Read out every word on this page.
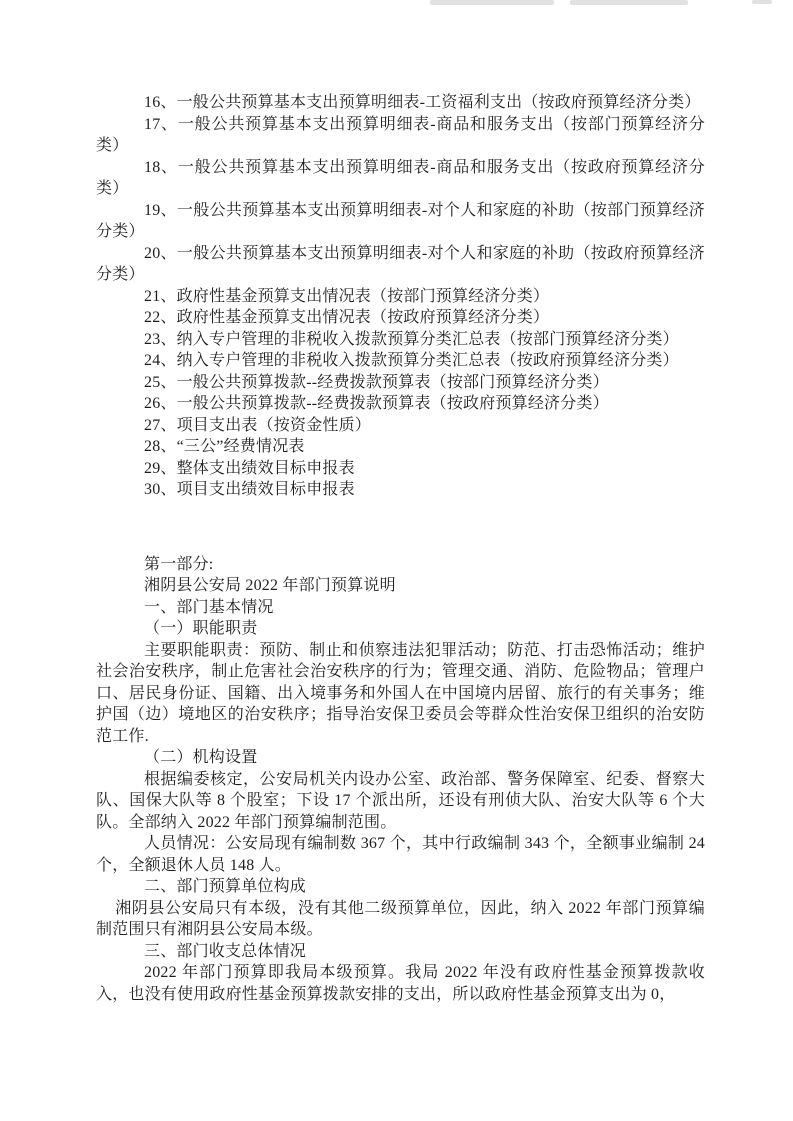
16、一般公共预算基本支出预算明细表-工资福利支出（按政府预算经济分类）

17、一般公共预算基本支出预算明细表-商品和服务支出（按部门预算经济分类）

18、一般公共预算基本支出预算明细表-商品和服务支出（按政府预算经济分类）

19、一般公共预算基本支出预算明细表-对个人和家庭的补助（按部门预算经济分类）

20、一般公共预算基本支出预算明细表-对个人和家庭的补助（按政府预算经济分类）

21、政府性基金预算支出情况表（按部门预算经济分类）

22、政府性基金预算支出情况表（按政府预算经济分类）

23、纳入专户管理的非税收入拨款预算分类汇总表（按部门预算经济分类）

24、纳入专户管理的非税收入拨款预算分类汇总表（按政府预算经济分类）

25、一般公共预算拨款--经费拨款预算表（按部门预算经济分类）

26、一般公共预算拨款--经费拨款预算表（按政府预算经济分类）

27、项目支出表（按资金性质）

28、“三公”经费情况表

29、整体支出绩效目标申报表

30、项目支出绩效目标申报表

第一部分:

湘阴县公安局 2022 年部门预算说明

一、部门基本情况

（一）职能职责

主要职能职责：预防、制止和侦察违法犯罪活动；防范、打击恐怖活动；维护社会治安秩序，制止危害社会治安秩序的行为；管理交通、消防、危险物品；管理户口、居民身份证、国籍、出入境事务和外国人在中国境内居留、旅行的有关事务；维护国（边）境地区的治安秩序；指导治安保卫委员会等群众性治安保卫组织的治安防范工作.

（二）机构设置

根据编委核定，公安局机关内设办公室、政治部、警务保障室、纪委、督察大队、国保大队等 8 个股室；下设 17 个派出所，还设有刑侦大队、治安大队等 6 个大队。全部纳入 2022 年部门预算编制范围。

人员情况：公安局现有编制数 367 个，其中行政编制 343 个，全额事业编制 24 个，全额退休人员 148 人。

二、部门预算单位构成

湘阴县公安局只有本级，没有其他二级预算单位，因此，纳入 2022 年部门预算编制范围只有湘阴县公安局本级。

三、部门收支总体情况

2022 年部门预算即我局本级预算。我局 2022 年没有政府性基金预算拨款收入，也没有使用政府性基金预算拨款安排的支出，所以政府性基金预算支出为 0，
